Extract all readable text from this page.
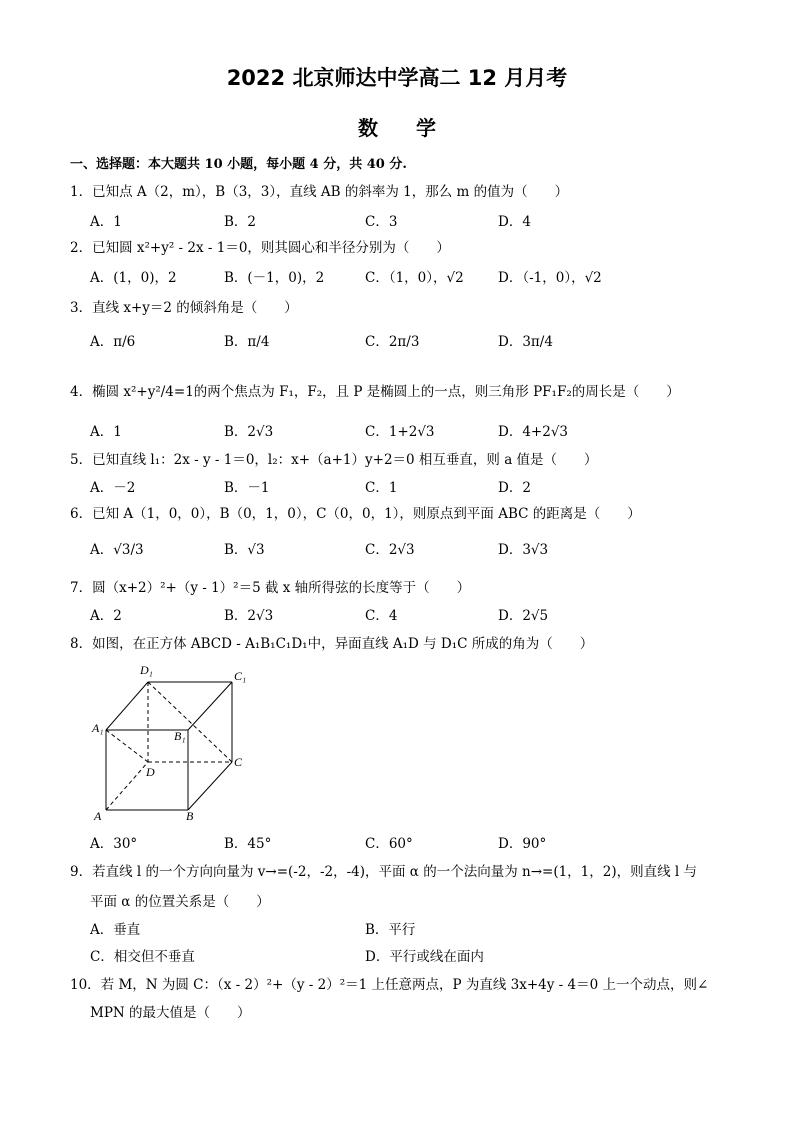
2022 北京师达中学高二 12 月月考
数学
一、选择题：本大题共 10 小题，每小题 4 分，共 40 分.
1．已知点 A（2，m），B（3，3），直线 AB 的斜率为 1，那么 m 的值为（　　）
A．1	B．2	C．3	D．4
2．已知圆 x²+y² - 2x - 1＝0，则其圆心和半径分别为（　　）
A．(1，0)，2	B．(－1，0)，2	C．（1，0），√2	D．（-1，0），√2
3．直线 x+y＝2 的倾斜角是（　　）
A．π/6	B．π/4	C．2π/3	D．3π/4
4．椭圆 x²+y²/4=1的两个焦点为 F₁，F₂，且 P 是椭圆上的一点，则三角形 PF₁F₂的周长是（　　）
A．1	B．2√3	C．1+2√3	D．4+2√3
5．已知直线 l₁：2x - y - 1＝0，l₂：x+（a+1）y+2＝0 相互垂直，则 a 值是（　　）
A．－2	B．－1	C．1	D．2
6．已知 A（1，0，0），B（0，1，0），C（0，0，1），则原点到平面 ABC 的距离是（　　）
A．√3/3	B．√3	C．2√3	D．3√3
7．圆（x+2）²+（y - 1）²＝5 截 x 轴所得弦的长度等于（　　）
A．2	B．2√3	C．4	D．2√5
8．如图，在正方体 ABCD - A₁B₁C₁D₁中，异面直线 A₁D 与 D₁C 所成的角为（　　）
D₁	C₁
A₁
B₁
D
C
A	B
A．30°	B．45°	C．60°	D．90°
9．若直线 l 的一个方向向量为 v→=(-2，-2，-4)，平面 α 的一个法向量为 n→=(1，1，2)，则直线 l 与
平面 α 的位置关系是（　　）
A．垂直	B．平行
C．相交但不垂直	D．平行或线在面内
10．若 M，N 为圆 C：（x - 2）²+（y - 2）²＝1 上任意两点，P 为直线 3x+4y - 4＝0 上一个动点，则∠
MPN 的最大值是（　　）
